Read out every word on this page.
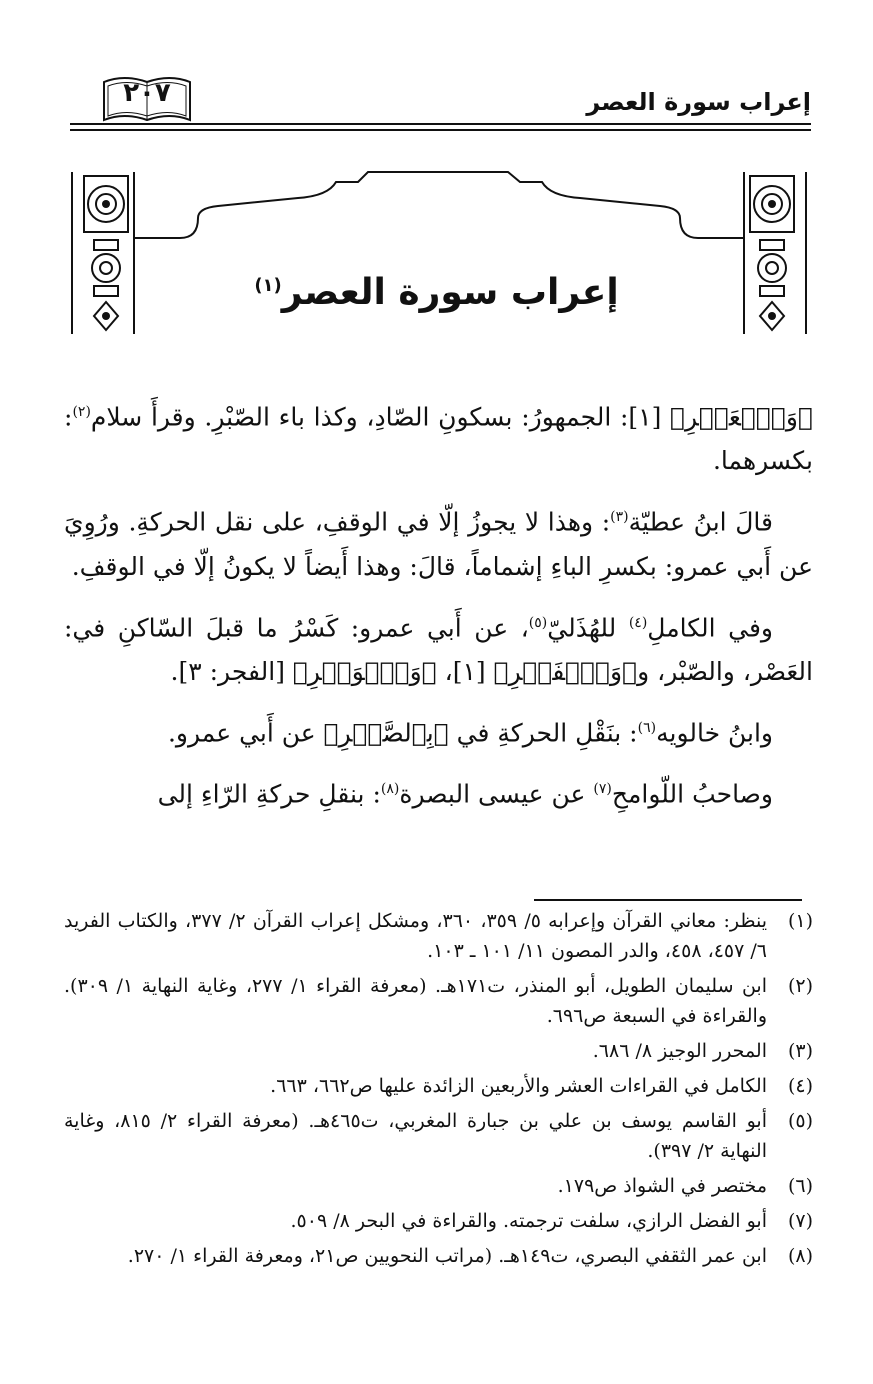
إعراب سورة العصر
٢٠٧
إعراب سورة العصر$^{(١)}$

﴿وَٱلۡعَصۡرِ﴾ [١]: الجمهورُ: بسكونِ الصّادِ، وكذا باء الصّبْرِ. وقرأَ سلام$^{(٢)}$: بكسرهما.

قالَ ابنُ عطيّة$^{(٣)}$: وهذا لا يجوزُ إلّا في الوقفِ، على نقل الحركةِ. ورُوِيَ عن أَبي عمرو: بكسرِ الباءِ إشماماً، قالَ: وهذا أَيضاً لا يكونُ إلّا في الوقفِ.

وفي الكاملِ$^{(٤)}$ للهُذَليّ$^{(٥)}$، عن أَبي عمرو: كَسْرُ ما قبلَ السّاكنِ في: العَصْر، والصّبْر، و﴿وَٱلۡفَجۡرِ﴾ [١]، ﴿وَٱلۡوَتۡرِ﴾ [الفجر: ٣].

وابنُ خالويه$^{(٦)}$: بنَقْلِ الحركةِ في ﴿بِٱلصَّبۡرِ﴾ عن أَبي عمرو.

وصاحبُ اللّوامحِ$^{(٧)}$ عن عيسى البصرة$^{(٨)}$: بنقلِ حركةِ الرّاءِ إلى

(١)
ينظر: معاني القرآن وإعرابه ٥/ ٣٥٩، ٣٦٠، ومشكل إعراب القرآن ٢/ ٣٧٧، والكتاب الفريد ٦/ ٤٥٧، ٤٥٨، والدر المصون ١١/ ١٠١ ـ ١٠٣.
(٢)
ابن سليمان الطويل، أبو المنذر، ت١٧١هـ. (معرفة القراء ١/ ٢٧٧، وغاية النهاية ١/ ٣٠٩). والقراءة في السبعة ص٦٩٦.
(٣)
المحرر الوجيز ٨/ ٦٨٦.
(٤)
الكامل في القراءات العشر والأربعين الزائدة عليها ص٦٦٢، ٦٦٣.
(٥)
أبو القاسم يوسف بن علي بن جبارة المغربي، ت٤٦٥هـ. (معرفة القراء ٢/ ٨١٥، وغاية النهاية ٢/ ٣٩٧).
(٦)
مختصر في الشواذ ص١٧٩.
(٧)
أبو الفضل الرازي، سلفت ترجمته. والقراءة في البحر ٨/ ٥٠٩.
(٨)
ابن عمر الثقفي البصري، ت١٤٩هـ. (مراتب النحويين ص٢١، ومعرفة القراء ١/ ٢٧٠.
